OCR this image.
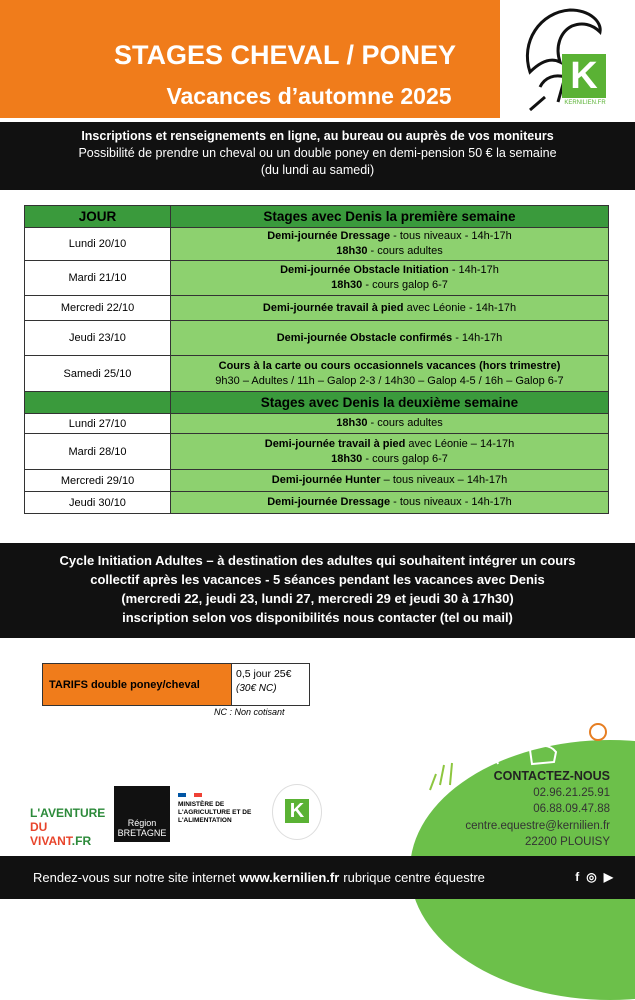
STAGES CHEVAL / PONEY
Vacances d’automne 2025	K
KERNILIEN.FR
Inscriptions et renseignements en ligne, au bureau ou auprès de vos moniteurs
Possibilité de prendre un cheval ou un double poney en demi-pension 50 € la semaine
(du lundi au samedi)
JOUR	Stages avec Denis la première semaine
Lundi 20/10	Demi-journée Dressage - tous niveaux - 14h-17h
18h30 - cours adultes
Mardi 21/10	Demi-journée Obstacle Initiation - 14h-17h
18h30 - cours galop 6-7
Mercredi 22/10	Demi-journée travail à pied avec Léonie - 14h-17h
Jeudi 23/10	Demi-journée Obstacle confirmés - 14h-17h
Samedi 25/10	Cours à la carte ou cours occasionnels vacances (hors trimestre)
9h30 – Adultes / 11h – Galop 2-3 / 14h30 – Galop 4-5 / 16h – Galop 6-7
	Stages avec Denis la deuxième semaine
Lundi 27/10	18h30 - cours adultes
Mardi 28/10	Demi-journée travail à pied avec Léonie – 14-17h
18h30 - cours galop 6-7
Mercredi 29/10	Demi-journée Hunter – tous niveaux – 14h-17h
Jeudi 30/10	Demi-journée Dressage - tous niveaux - 14h-17h
Cycle Initiation Adultes – à destination des adultes qui souhaitent intégrer un cours
collectif après les vacances - 5 séances pendant les vacances avec Denis
(mercredi 22, jeudi 23, lundi 27, mercredi 29 et jeudi 30 à 17h30)
inscription selon vos disponibilités nous contacter (tel ou mail)
TARIFS double poney/cheval
0,5 jour 25€
(30€ NC)
NC : Non cotisant
CONTACTEZ-NOUS
02.96.21.25.91
06.88.09.47.88
centre.equestre@kernilien.fr
22200 PLOUISY
L'AVENTURE
DU VIVANT.FR
Région
BRETAGNE
MINISTÈRE DE L'AGRICULTURE ET DE L'ALIMENTATION	K
Rendez-vous sur notre site internet www.kernilien.fr rubrique centre équestre	f ◎ ▶
